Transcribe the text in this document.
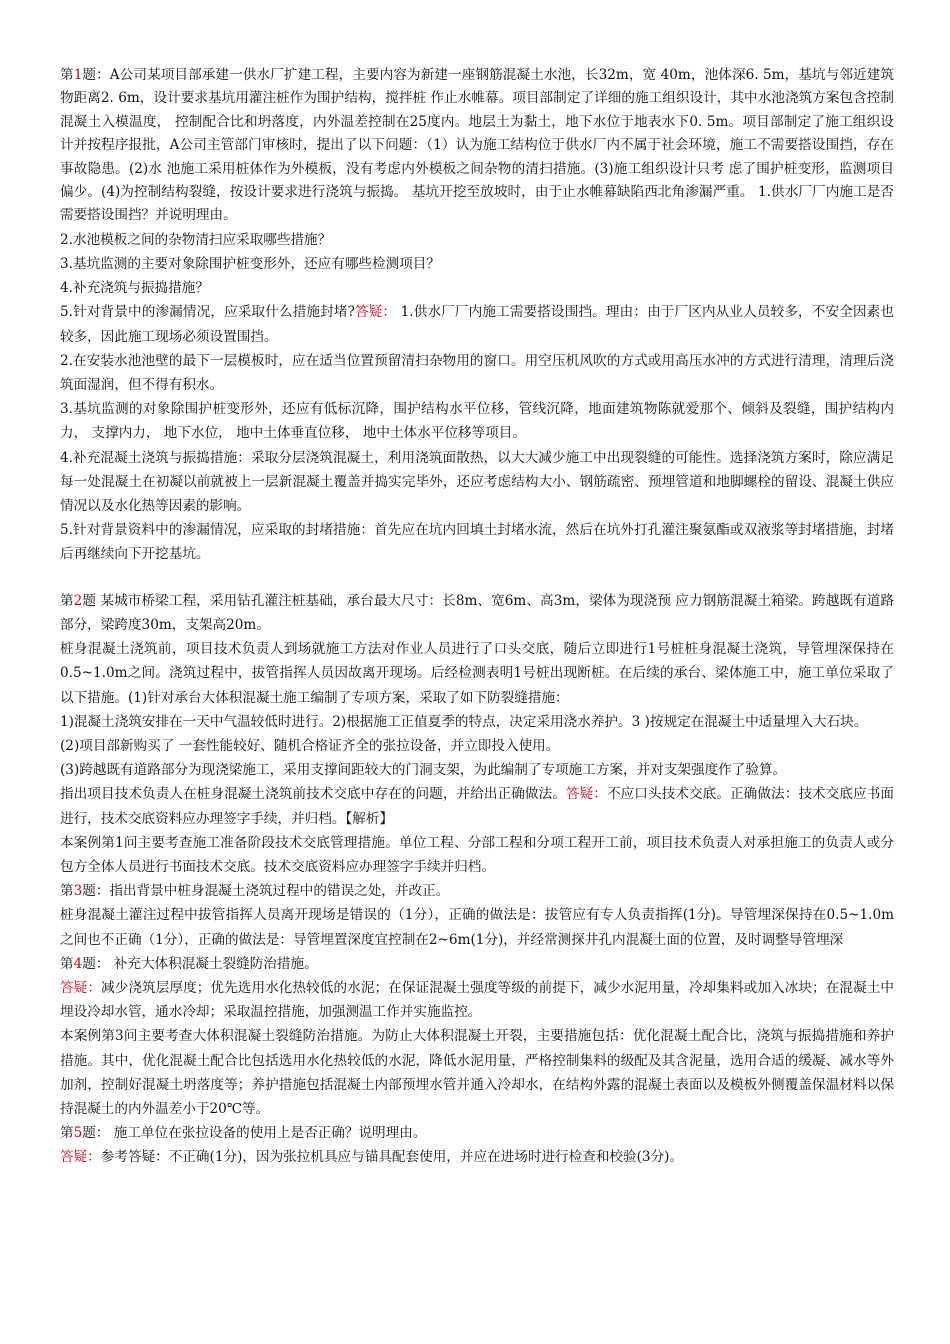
第1题：A公司某项目部承建一供水厂扩建工程，主要内容为新建一座钢筋混凝土水池，长32m，宽 40m，池体深6. 5m，基坑与邻近建筑物距离2. 6m，设计要求基坑用灌注桩作为围护结构，搅拌桩 作止水帷幕。项目部制定了详细的施工组织设计，其中水池浇筑方案包含控制混凝土入模温度， 控制配合比和坍落度，内外温差控制在25度内。地层土为黏土，地下水位于地表水下0. 5m。项目部制定了施工组织设计并按程序报批，A公司主管部门审核时，提出了以下问题：（1）认为施工结构位于供水厂内不属于社会环境，施工不需要搭设围挡，存在事故隐患。(2)水 池施工采用桩体作为外模板，没有考虑内外模板之间杂物的清扫措施。(3)施工组织设计只考 虑了围护桩变形，监测项目偏少。(4)为控制结构裂缝，按设计要求进行浇筑与振捣。 基坑开挖至放坡时，由于止水帷幕缺陷西北角渗漏严重。 1.供水厂厂内施工是否需要搭设围挡？并说明理由。

2.水池模板之间的杂物清扫应采取哪些措施？

3.基坑监测的主要对象除围护桩变形外，还应有哪些检测项目？

4.补充浇筑与振捣措施？

5.针对背景中的渗漏情况，应采取什么措施封堵?答疑： 1.供水厂厂内施工需要搭设围挡。理由：由于厂区内从业人员较多，不安全因素也较多，因此施工现场必须设置围挡。

2.在安装水池池壁的最下一层模板时，应在适当位置预留清扫杂物用的窗口。用空压机风吹的方式或用高压水冲的方式进行清理，清理后浇筑面湿润，但不得有积水。

3.基坑监测的对象除围护桩变形外，还应有低标沉降，围护结构水平位移，管线沉降，地面建筑物陈就爱那个、倾斜及裂缝，围护结构内力， 支撑内力， 地下水位， 地中土体垂直位移， 地中土体水平位移等项目。

4.补充混凝土浇筑与振捣措施：采取分层浇筑混凝土，利用浇筑面散热，以大大减少施工中出现裂缝的可能性。选择浇筑方案时，除应满足每一处混凝土在初凝以前就被上一层新混凝土覆盖并捣实完毕外，还应考虑结构大小、钢筋疏密、预埋管道和地脚螺栓的留设、混凝土供应情况以及水化热等因素的影响。

5.针对背景资料中的渗漏情况，应采取的封堵措施：首先应在坑内回填土封堵水流，然后在坑外打孔灌注聚氨酯或双液浆等封堵措施，封堵后再继续向下开挖基坑。

第2题 某城市桥梁工程，采用钻孔灌注桩基础，承台最大尺寸：长8m、宽6m、高3m，梁体为现浇预 应力钢筋混凝土箱梁。跨越既有道路部分，梁跨度30m，支架高20m。

桩身混凝土浇筑前，项目技术负责人到场就施工方法对作业人员进行了口头交底，随后立即进行1号桩桩身混凝土浇筑，导管埋深保持在0.5~1.0m之间。浇筑过程中，拔管指挥人员因故离开现场。后经检测表明1号桩出现断桩。在后续的承台、梁体施工中，施工单位采取了以下措施。(1)针对承台大体积混凝土施工编制了专项方案，采取了如下防裂缝措施：

1)混凝土浇筑安排在一天中气温较低时进行。2)根据施工正值夏季的特点，决定采用浇水养护。3 )按规定在混凝土中适量埋入大石块。

(2)项目部新购买了 一套性能较好、随机合格证齐全的张拉设备，并立即投入使用。

(3)跨越既有道路部分为现浇梁施工，采用支撑间距较大的门洞支架，为此编制了专项施工方案，并对支架强度作了验算。

指出项目技术负责人在桩身混凝土浇筑前技术交底中存在的问题，并给出正确做法。答疑：不应口头技术交底。正确做法：技术交底应书面进行，技术交底资料应办理签字手续，并归档。【解析】

本案例第1问主要考查施工准备阶段技术交底管理措施。单位工程、分部工程和分项工程开工前，项目技术负责人对承担施工的负责人或分包方全体人员进行书面技术交底。技术交底资料应办理签字手续并归档。

第3题：指出背景中桩身混凝土浇筑过程中的错误之处，并改正。

桩身混凝土灌注过程中拔管指挥人员离开现场是错误的（1分），正确的做法是：拔管应有专人负责指挥(1分)。导管埋深保持在0.5~1.0m之间也不正确（1分），正确的做法是：导管埋置深度宜控制在2~6m(1分)，并经常测探井孔内混凝土面的位置，及时调整导管埋深

第4题： 补充大体积混凝土裂缝防治措施。

答疑：减少浇筑层厚度；优先选用水化热较低的水泥；在保证混凝土强度等级的前提下，减少水泥用量，冷却集料或加入冰块；在混凝土中埋设冷却水管，通水冷却；采取温控措施，加强测温工作并实施监控。

本案例第3问主要考查大体积混凝土裂缝防治措施。为防止大体积混凝土开裂，主要措施包括：优化混凝土配合比，浇筑与振捣措施和养护措施。其中，优化混凝土配合比包括选用水化热较低的水泥，降低水泥用量，严格控制集料的级配及其含泥量，选用合适的缓凝、减水等外加剂，控制好混凝土坍落度等；养护措施包括混凝土内部预埋水管并通入冷却水，在结构外露的混凝土表面以及模板外侧覆盖保温材料以保持混凝土的内外温差小于20℃等。

第5题： 施工单位在张拉设备的使用上是否正确？说明理由。

答疑：参考答疑：不正确(1分)，因为张拉机具应与锚具配套使用，并应在进场时进行检查和校验(3分)。
